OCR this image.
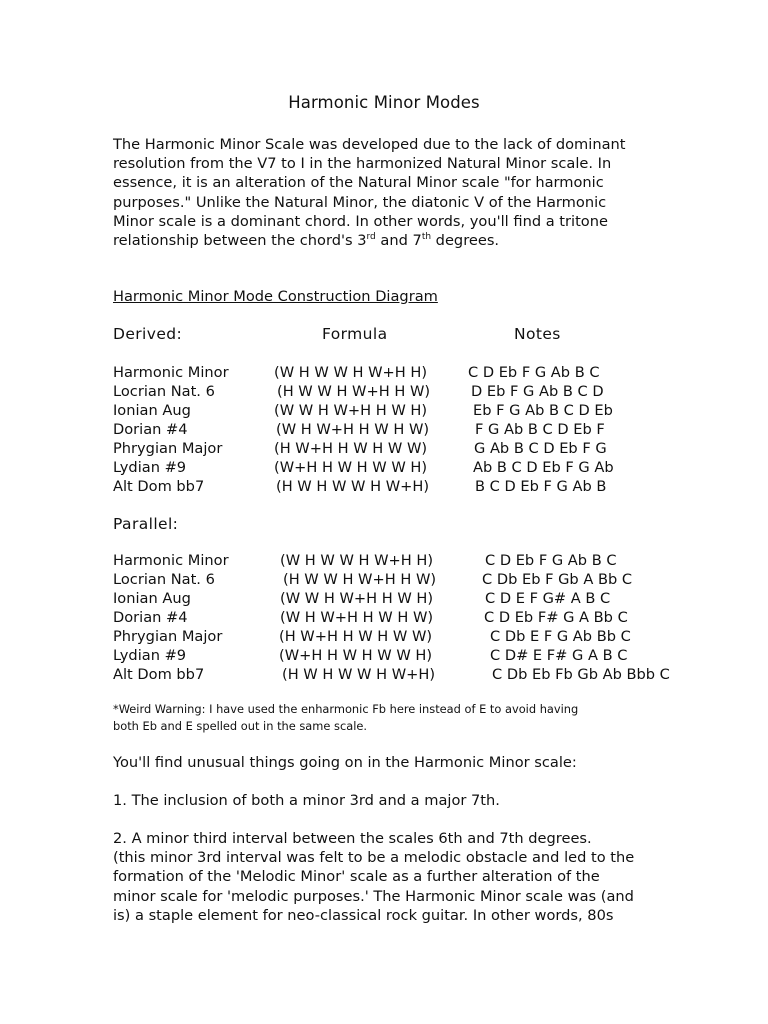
Harmonic Minor Modes

The Harmonic Minor Scale was developed due to the lack of dominant
resolution from the V7 to I in the harmonized Natural Minor scale. In
essence, it is an alteration of the Natural Minor scale "for harmonic
purposes." Unlike the Natural Minor, the diatonic V of the Harmonic
Minor scale is a dominant chord. In other words, you'll find a tritone
relationship between the chord's 3rd and 7th degrees.

Harmonic Minor Mode Construction Diagram
Derived:	Formula	Notes
Harmonic Minor	(W H W W H W+H H)	C D Eb F G Ab B C
Locrian Nat. 6	(H W W H W+H H W)	D Eb F G Ab B C D
Ionian Aug	(W W H W+H H W H)	Eb F G Ab B C D Eb
Dorian #4	(W H W+H H W H W)	F G Ab B C D Eb F
Phrygian Major	(H W+H H W H W W)	G Ab B C D Eb F G
Lydian #9	(W+H H W H W W H)	Ab B C D Eb F G Ab
Alt Dom bb7	(H W H W W H W+H)	B C D Eb F G Ab B
Parallel:
Harmonic Minor	(W H W W H W+H H)	C D Eb F G Ab B C
Locrian Nat. 6	(H W W H W+H H W)	C Db Eb F Gb A Bb C
Ionian Aug	(W W H W+H H W H)	C D E F G# A B C
Dorian #4	(W H W+H H W H W)	C D Eb F# G A Bb C
Phrygian Major	(H W+H H W H W W)	C Db E F G Ab Bb C
Lydian #9	(W+H H W H W W H)	C D# E F# G A B C
Alt Dom bb7	(H W H W W H W+H)	C Db Eb Fb Gb Ab Bbb C

*Weird Warning: I have used the enharmonic Fb here instead of E to avoid having
both Eb and E spelled out in the same scale.

You'll find unusual things going on in the Harmonic Minor scale:

1. The inclusion of both a minor 3rd and a major 7th.

2. A minor third interval between the scales 6th and 7th degrees.
(this minor 3rd interval was felt to be a melodic obstacle and led to the
formation of the 'Melodic Minor' scale as a further alteration of the
minor scale for 'melodic purposes.' The Harmonic Minor scale was (and
is) a staple element for neo-classical rock guitar. In other words, 80s
